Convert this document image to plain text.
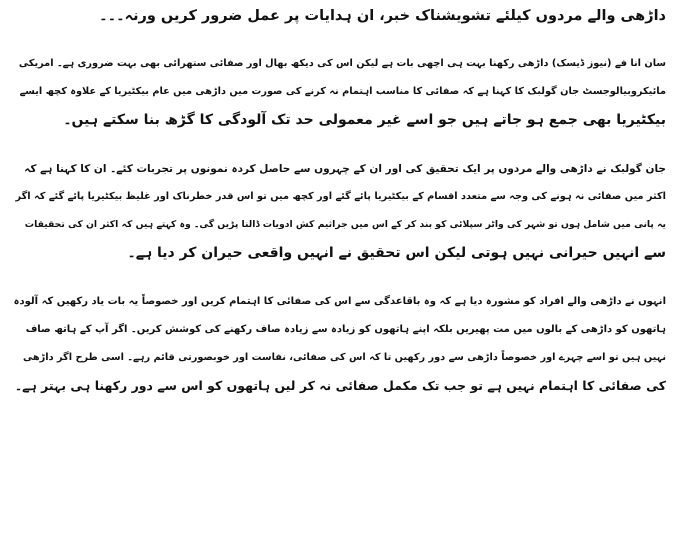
داڑھی والے مردوں کیلئے تشویشناک خبر، ان ہدایات پر عمل ضرور کریں ورنہ۔۔۔
سان انا فے (نیوز ڈیسک) داڑھی رکھنا بہت ہی اچھی بات ہے لیکن اس کی دیکھ بھال اور صفائی ستھرائی بھی بہت ضروری ہے۔ امریکی
مائیکروبیالوجسٹ جان گولبک کا کہنا ہے کہ صفائی کا مناسب اہتمام نہ کرنے کی صورت میں داڑھی میں عام بیکٹیریا کے علاوہ کچھ ایسے
بیکٹیریا بھی جمع ہو جاتے ہیں جو اسے غیر معمولی حد تک آلودگی کا گڑھ بنا سکتے ہیں۔
جان گولبک نے داڑھی والے مردوں پر ایک تحقیق کی اور ان کے چہروں سے حاصل کردہ نمونوں پر تجربات کئے۔ ان کا کہنا ہے کہ
اکثر میں صفائی نہ ہونے کی وجہ سے متعدد اقسام کے بیکٹیریا پائے گئے اور کچھ میں تو اس قدر خطرناک اور غلیظ بیکٹیریا پائے گئے کہ اگر
یہ پانی میں شامل ہوں تو شہر کی واٹر سپلائی کو بند کر کے اس میں جراثیم کش ادویات ڈالنا پڑیں گی۔ وہ کہتے ہیں کہ اکثر ان کی تحقیقات
سے انہیں حیرانی نہیں ہوتی لیکن اس تحقیق نے انہیں واقعی حیران کر دیا ہے۔
انہوں نے داڑھی والے افراد کو مشورہ دیا ہے کہ وہ باقاعدگی سے اس کی صفائی کا اہتمام کریں اور خصوصاً یہ بات یاد رکھیں کہ آلودہ
ہاتھوں کو داڑھی کے بالوں میں مت پھیریں بلکہ اپنے ہاتھوں کو زیادہ سے زیادہ صاف رکھنے کی کوشش کریں۔ اگر آپ کے ہاتھ صاف
نہیں ہیں تو اسے چہرے اور خصوصاً داڑھی سے دور رکھیں تا کہ اس کی صفائی، نفاست اور خوبصورتی قائم رہے۔ اسی طرح اگر داڑھی
کی صفائی کا اہتمام نہیں ہے تو جب تک مکمل صفائی نہ کر لیں ہاتھوں کو اس سے دور رکھنا ہی بہتر ہے۔
